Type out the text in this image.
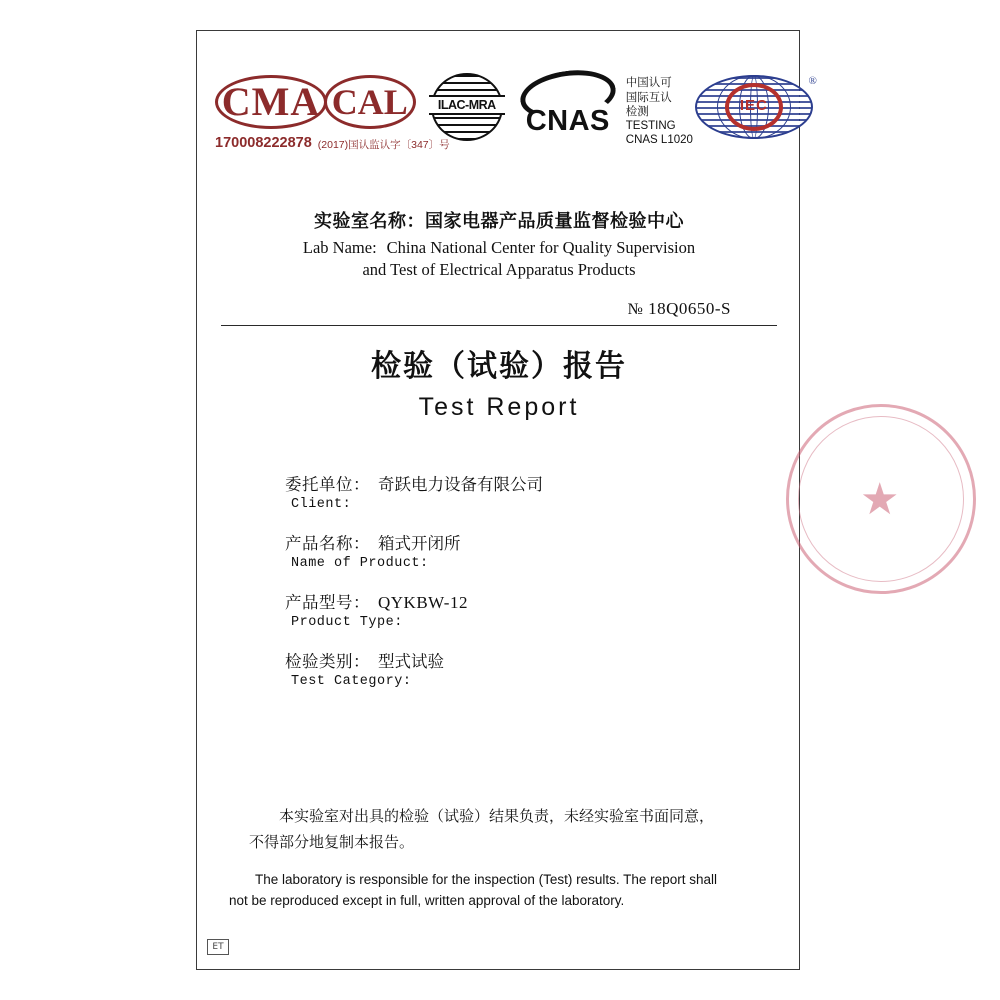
CMA
170008222878
CAL
(2017)国认监认字〔347〕号
ILAC-MRA	CNAS
中国认可
国际互认
检测
TESTING
CNAS L1020
IEC
®
实验室名称：国家电器产品质量监督检验中心
Lab Name: China National Center for Quality Supervision
and Test of Electrical Apparatus Products
№ 18Q0650-S
检验（试验）报告
Test Report
委托单位： 奇跃电力设备有限公司
Client:
产品名称： 箱式开闭所
Name of Product:
产品型号： QYKBW-12
Product Type:
检验类别： 型式试验
Test Category:
本实验室对出具的检验（试验）结果负责，未经实验室书面同意，
不得部分地复制本报告。
The laboratory is responsible for the inspection (Test) results. The report shall
not be reproduced except in full, written approval of the laboratory.
ET
★
